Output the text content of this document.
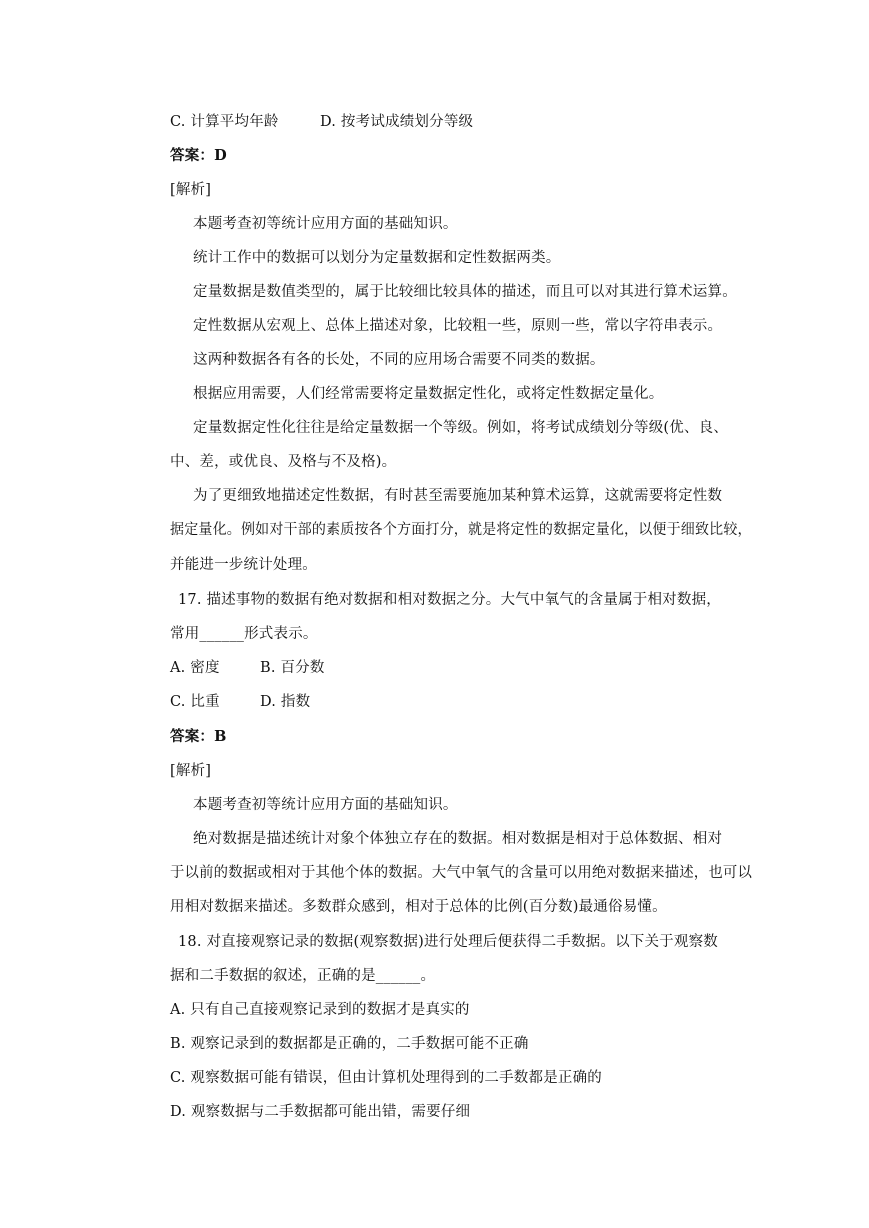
C. 计算平均年龄	D. 按考试成绩划分等级
答案：D
[解析]
本题考查初等统计应用方面的基础知识。
统计工作中的数据可以划分为定量数据和定性数据两类。
定量数据是数值类型的，属于比较细比较具体的描述，而且可以对其进行算术运算。
定性数据从宏观上、总体上描述对象，比较粗一些，原则一些，常以字符串表示。
这两种数据各有各的长处，不同的应用场合需要不同类的数据。
根据应用需要，人们经常需要将定量数据定性化，或将定性数据定量化。
定量数据定性化往往是给定量数据一个等级。例如，将考试成绩划分等级(优、良、
中、差，或优良、及格与不及格)。
为了更细致地描述定性数据，有时甚至需要施加某种算术运算，这就需要将定性数
据定量化。例如对干部的素质按各个方面打分，就是将定性的数据定量化，以便于细致比较，
并能进一步统计处理。
17. 描述事物的数据有绝对数据和相对数据之分。大气中氧气的含量属于相对数据，
常用______形式表示。
A. 密度	B. 百分数
C. 比重	D. 指数
答案：B
[解析]
本题考查初等统计应用方面的基础知识。
绝对数据是描述统计对象个体独立存在的数据。相对数据是相对于总体数据、相对
于以前的数据或相对于其他个体的数据。大气中氧气的含量可以用绝对数据来描述，也可以
用相对数据来描述。多数群众感到，相对于总体的比例(百分数)最通俗易懂。
18. 对直接观察记录的数据(观察数据)进行处理后便获得二手数据。以下关于观察数
据和二手数据的叙述，正确的是______。
A. 只有自己直接观察记录到的数据才是真实的
B. 观察记录到的数据都是正确的，二手数据可能不正确
C. 观察数据可能有错误，但由计算机处理得到的二手数都是正确的
D. 观察数据与二手数据都可能出错，需要仔细
